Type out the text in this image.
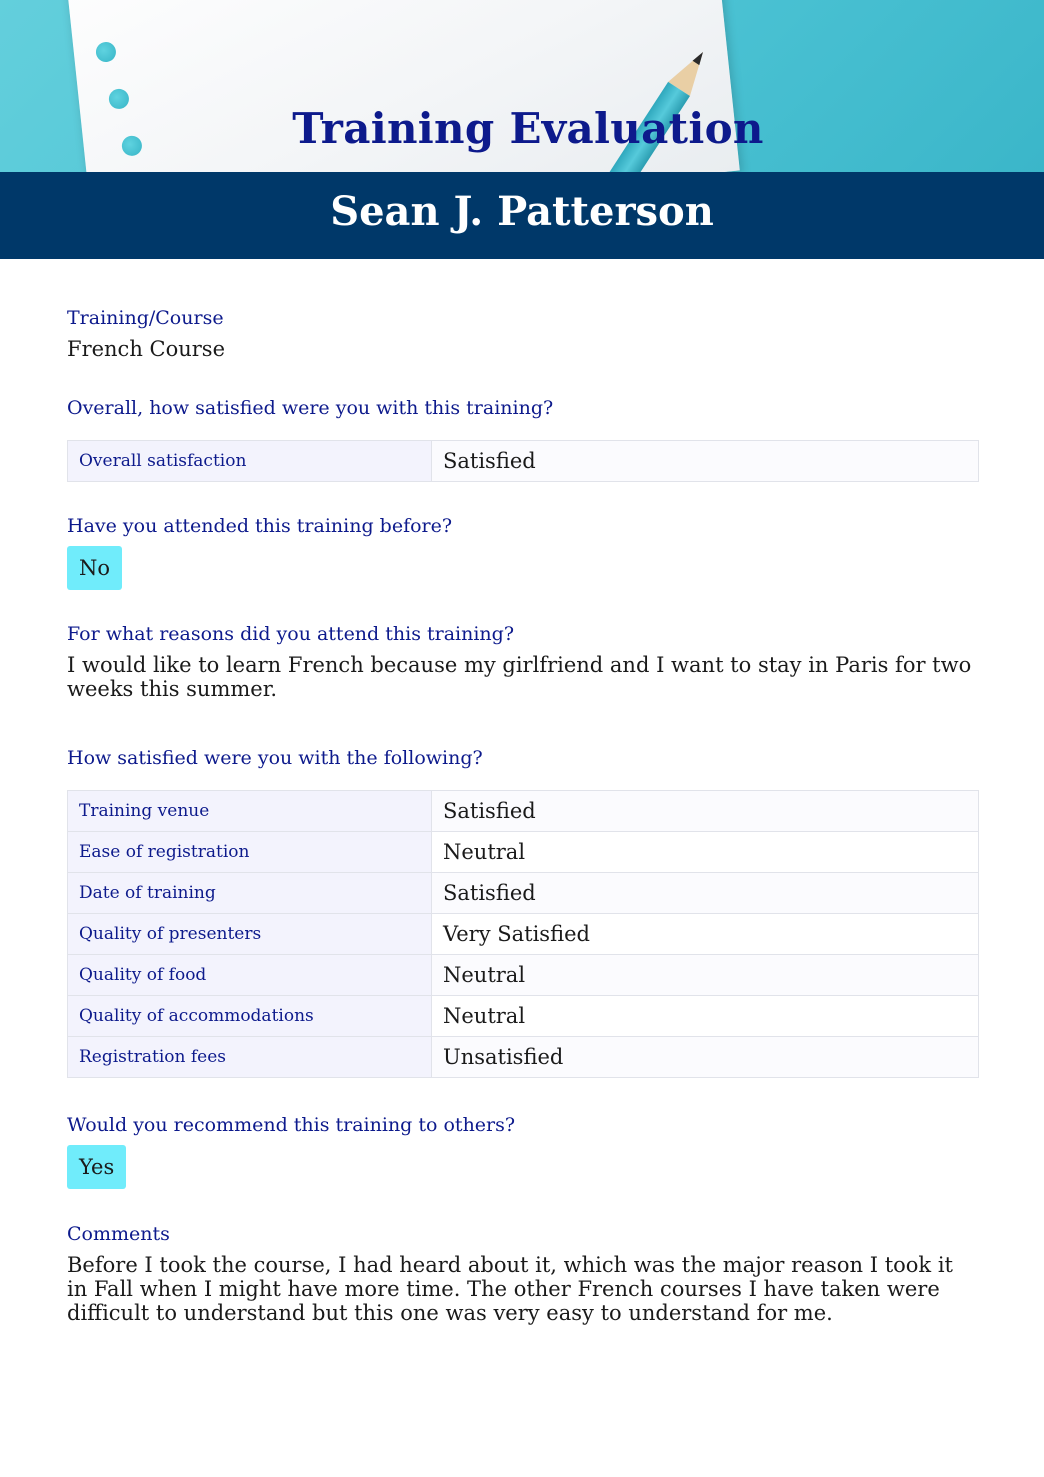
Training Evaluation
Sean J. Patterson
Training/Course
French Course
Overall, how satisfied were you with this training?
Overall satisfaction	Satisfied
Have you attended this training before?
No
For what reasons did you attend this training?
I would like to learn French because my girlfriend and I want to stay in Paris for two weeks this summer.
How satisfied were you with the following?
Training venue	Satisfied
Ease of registration	Neutral
Date of training	Satisfied
Quality of presenters	Very Satisfied
Quality of food	Neutral
Quality of accommodations	Neutral
Registration fees	Unsatisfied
Would you recommend this training to others?
Yes
Comments
Before I took the course, I had heard about it, which was the major reason I took it in Fall when I might have more time. The other French courses I have taken were difficult to understand but this one was very easy to understand for me.
